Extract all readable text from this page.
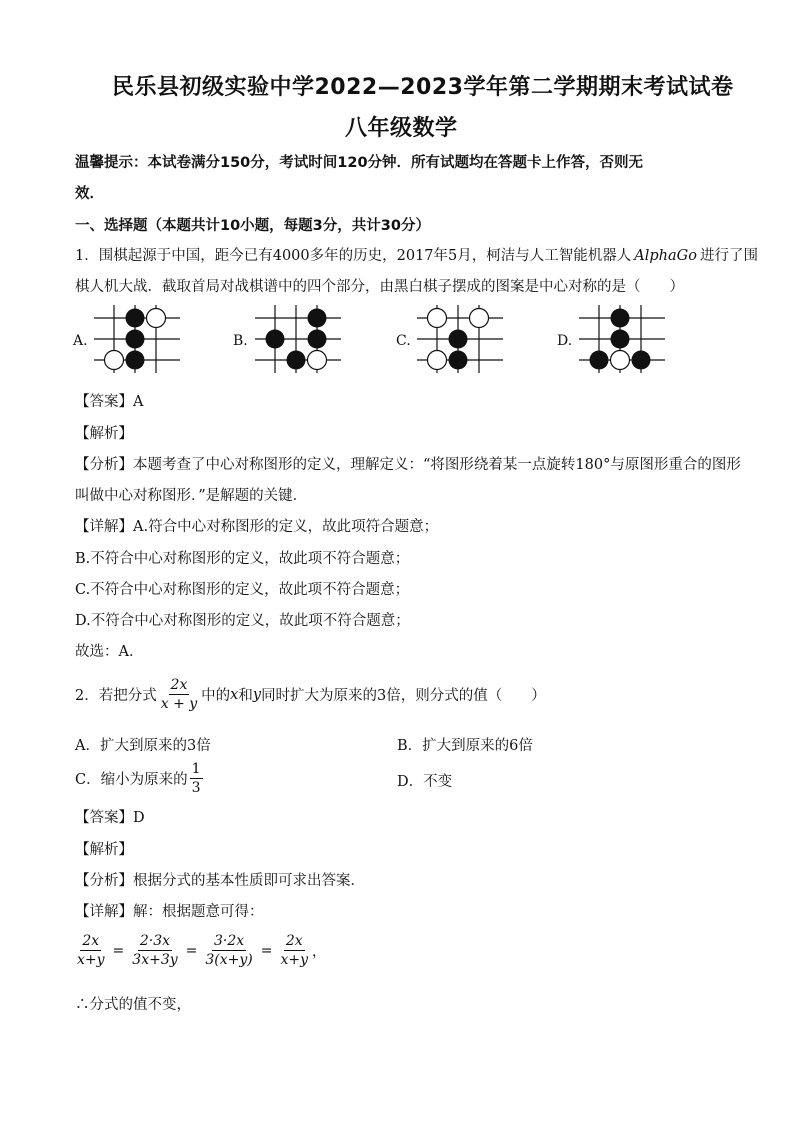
民乐县初级实验中学2022—2023学年第二学期期末考试试卷
八年级数学
温馨提示：本试卷满分150分，考试时间120分钟．所有试题均在答题卡上作答，否则无
效．
一、选择题（本题共计10小题，每题3分，共计30分）
1．围棋起源于中国，距今已有4000多年的历史，2017年5月，柯洁与人工智能机器人 AlphaGo 进行了围
棋人机大战．截取首局对战棋谱中的四个部分，由黑白棋子摆成的图案是中心对称的是（　　）
A.	B.	C.	D.
【答案】A
【解析】
【分析】本题考查了中心对称图形的定义，理解定义：“将图形绕着某一点旋转180°与原图形重合的图形
叫做中心对称图形．”是解题的关键．
【详解】A.符合中心对称图形的定义，故此项符合题意；
B.不符合中心对称图形的定义，故此项不符合题意；
C.不符合中心对称图形的定义，故此项不符合题意；
D.不符合中心对称图形的定义，故此项不符合题意；
故选：A．
2．若把分式 $\frac{2x}{x + y}$ 中的 x 和 y 同时扩大为原来的3倍，则分式的值（　　）
A．扩大到原来的3倍	B．扩大到原来的6倍
C．缩小为原来的 $\frac{1}{3}$	D．不变
【答案】D
【解析】
【分析】根据分式的基本性质即可求出答案．
【详解】解：根据题意可得：
$\frac{2x}{x+y} = \frac{2\cdot 3x}{3x+3y} = \frac{3\cdot 2x}{3(x+y)} = \frac{2x}{x+y}$ ，
∴分式的值不变，
